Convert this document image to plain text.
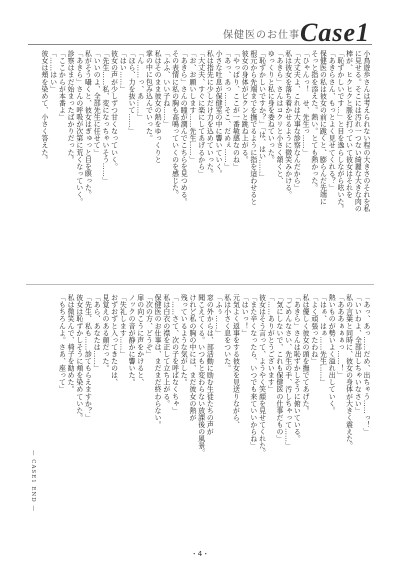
保健医のお仕事 Case1

小鳥遊歩さんは考えられない程の大きさのそれを私

に見せる。そこには汚れ一つない綺麗な大きな肉の

棒が、ヒクヒクと脈を打っていて彼女はそれを

「恥ずかしいです…」と目を逸らしながら呟いた。

「あきらさん、もっとよく見せてくれる？」

保健医の私は彼女の前に跪くと、膨らんだ先端に

そっと指を添えた。熱い。とても熱かった。

「ひゃんっ！　せ、先生っ……」

「大丈夫よ、これは大事な診察なんだから」

私は彼女を落ち着かせるように微笑みかける。

「あきら」さんはコクリと小さく頷くと、

ゆっくりと私に身を委ねていった。

「恥ずかしいですか？」「は、はい……」

根元から先端までを撫でるように指を這わせると

彼女の身体がビクンと跳ね上がる。

「やっぱり、ここが一番敏感なのね」

「あっ、あっ……そこ、だめぇ……」

小さな吐息が保健室の中に響いていく。

私は指先に少しだけ力を込めていった。

「大丈夫、すぐに楽にしてあげるから」

「お、お願いします……先生……」

「あきら」さんの瞳が潤んでこちらを見つめる。

その表情に私の胸も高鳴っていくのを感じた。

「ふふ、いい子ね……」

私はそのまま彼女の熱をゆっくりと

掌の中に包み込んでいった。

「ん……っ、あ……」

「ほら、力を抜いて……」

「はい……」

彼女の声が少しずつ甘くなっていく。

「先生……私、変になっちゃいそう……」

「いいのよ、全部先生に任せて」

私がそう囁くと、彼女はぎゅっと目を瞑った。

「あきら」さんの呼吸が次第に荒くなっていく。

診察はまだ始まったばかりだった。

「ここからが本番よ」

「……はい」

彼女は頬を染めて、小さく答えた。

「あっ、あっ……だめ、出ちゃう……っ！」

「いいわよ、全部出しちゃいなさい」

私の言葉と同時に、彼女の身体が大きく震えた。

「あああぁぁぁっ……！」

熱いものが勢いよく溢れ出していく。

「はぁ、はぁ……先生……」

「よく頑張ったわね」

私は優しく彼女の頭を撫でてあげた。

「あきら」さんは恥ずかしそうに俯いている。

「ごめんなさい、先生の手、汚しちゃって……」

「気にしないで、これも保健医の仕事だもの」

「……ありがとうございます」

彼女はそう言って、ようやく笑顔を見せてくれた。

「また辛くなったら、いつでも来ていいからね」

「はいっ！」

元気よく返事をする彼女を見送りながら、

私は小さく息をついた。

「ふぅ……」

窓の外からは、部活動に励む生徒たちの声が

聞こえてくる。いつもと変わらない放課後の風景。

けれど私の胸の中には、まだ彼女の熱が

残っているような気がした。

「……さて、次の子を呼ばなくちゃ」

私は白衣の襟を正して立ち上がる。

保健医のお仕事は、まだまだ終わらない。

「次の方、どうぞ」

扉の向こうに声をかけると、

ノックの音が静かに響いた。

「失礼します……」

おずおずと入ってきたのは、

見覚えのある顔だった。

「あら、あなたは……」

「先生、私も……診てもらえますか？」

彼女は恥ずかしそうに頬を染めていた。

私は微笑んで、椅子を勧めた。

「もちろんよ。さあ、座って」

— CASE1 END —
・4・
